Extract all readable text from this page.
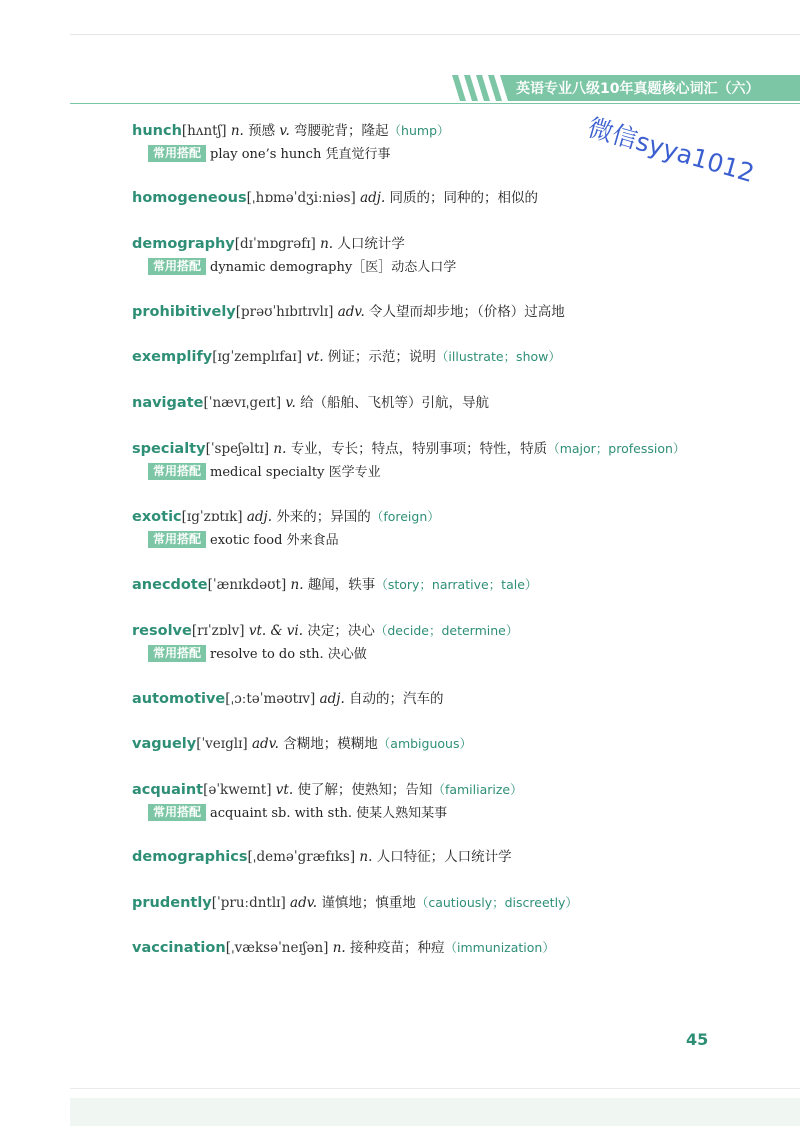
英语专业八级10年真题核心词汇（六）
微信syya1012
hunch[hʌntʃ] n. 预感 v. 弯腰驼背；隆起（hump）
常用搭配 play one’s hunch 凭直觉行事
homogeneous[ˌhɒməˈdʒiːniəs] adj. 同质的；同种的；相似的
demography[dɪˈmɒgrəfɪ] n. 人口统计学
常用搭配 dynamic demography［医］动态人口学
prohibitively[prəʊˈhɪbɪtɪvlɪ] adv. 令人望而却步地；（价格）过高地
exemplify[ɪgˈzemplɪfaɪ] vt. 例证；示范；说明（illustrate；show）
navigate[ˈnævɪˌgeɪt] v. 给（船舶、飞机等）引航，导航
specialty[ˈspeʃəltɪ] n. 专业，专长；特点，特别事项；特性，特质（major；profession）
常用搭配 medical specialty 医学专业
exotic[ɪgˈzɒtɪk] adj. 外来的；异国的（foreign）
常用搭配 exotic food 外来食品
anecdote[ˈænɪkdəʊt] n. 趣闻，轶事（story；narrative；tale）
resolve[rɪˈzɒlv] vt. & vi. 决定；决心（decide；determine）
常用搭配 resolve to do sth. 决心做
automotive[ˌɔːtəˈməʊtɪv] adj. 自动的；汽车的
vaguely[ˈveɪglɪ] adv. 含糊地；模糊地（ambiguous）
acquaint[əˈkweɪnt] vt. 使了解；使熟知；告知（familiarize）
常用搭配 acquaint sb. with sth. 使某人熟知某事
demographics[ˌdeməˈgræfɪks] n. 人口特征；人口统计学
prudently[ˈpruːdntlɪ] adv. 谨慎地；慎重地（cautiously；discreetly）
vaccination[ˌvæksəˈneɪʃən] n. 接种疫苗；种痘（immunization）
45
